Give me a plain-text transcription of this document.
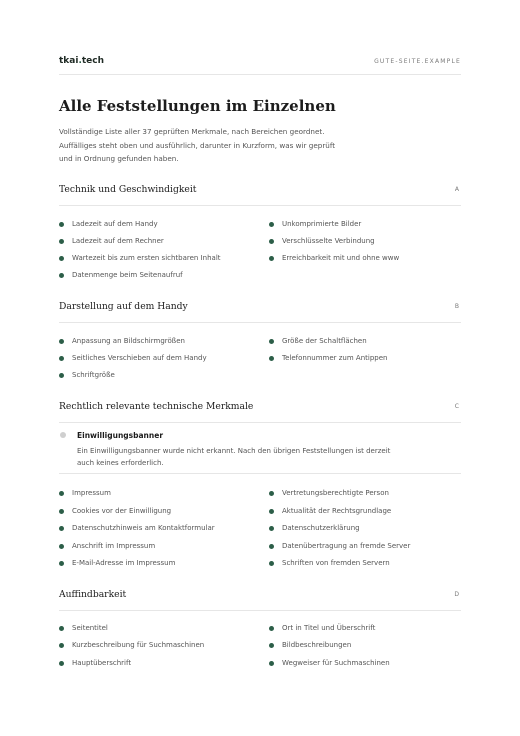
tkai.tech	GUTE-SEITE.EXAMPLE
Alle Feststellungen im Einzelnen

Vollständige Liste aller 37 geprüften Merkmale, nach Bereichen geordnet. Auffälliges steht oben und ausführlich, darunter in Kurzform, was wir geprüft und in Ordnung gefunden haben.

Technik und Geschwindigkeit	A
Ladezeit auf dem Handy
Ladezeit auf dem Rechner
Wartezeit bis zum ersten sichtbaren Inhalt
Datenmenge beim Seitenaufruf
Unkomprimierte Bilder
Verschlüsselte Verbindung
Erreichbarkeit mit und ohne www
Darstellung auf dem Handy	B
Anpassung an Bildschirmgrößen
Seitliches Verschieben auf dem Handy
Schriftgröße
Größe der Schaltflächen
Telefonnummer zum Antippen
Rechtlich relevante technische Merkmale	C
Einwilligungsbanner
Ein Einwilligungsbanner wurde nicht erkannt. Nach den übrigen Feststellungen ist derzeit auch keines erforderlich.
Impressum
Cookies vor der Einwilligung
Datenschutzhinweis am Kontaktformular
Anschrift im Impressum
E-Mail-Adresse im Impressum
Vertretungsberechtigte Person
Aktualität der Rechtsgrundlage
Datenschutzerklärung
Datenübertragung an fremde Server
Schriften von fremden Servern
Auffindbarkeit	D
Seitentitel
Kurzbeschreibung für Suchmaschinen
Hauptüberschrift
Ort in Titel und Überschrift
Bildbeschreibungen
Wegweiser für Suchmaschinen
